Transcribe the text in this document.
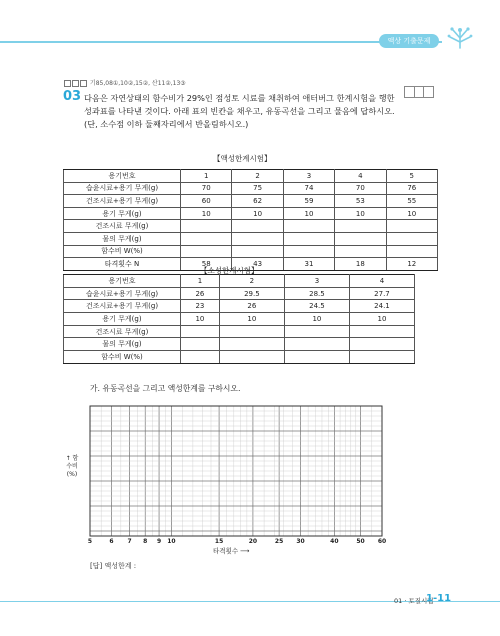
액상 기출문제
기85,08①,10②,15②, 산11②,13③
03 다음은 자연상태의 함수비가 29%인 점성토 시료를 채취하여 애터버그 한계시험을 행한
성과표를 나타낸 것이다. 아래 표의 빈칸을 채우고, 유동곡선을 그리고 물음에 답하시오.
(단, 소수점 이하 둘째자리에서 반올림하시오.)
【액성한계시험】
용기번호	1	2	3	4	5
습윤시료+용기 무게(g)	70	75	74	70	76
건조시료+용기 무게(g)	60	62	59	53	55
용기 무게(g)	10	10	10	10	10
건조시료 무게(g)					
물의 무게(g)					
함수비 W(%)					
타격횟수 N	58	43	31	18	12
【소성한계시험】
용기번호	1	2	3	4
습윤시료+용기 무게(g)	26	29.5	28.5	27.7
건조시료+용기 무게(g)	23	26	24.5	24.1
용기 무게(g)	10	10	10	10
건조시료 무게(g)				
물의 무게(g)				
함수비 W(%)				
가. 유동곡선을 그리고 액성한계를 구하시오.
↑ 함수비 (%)
5	6 7 8 9 10	15	20	25 30	40	50 60
타격횟수 ⟶
[답] 액성한계 :
01 · 토질시험
1-11
